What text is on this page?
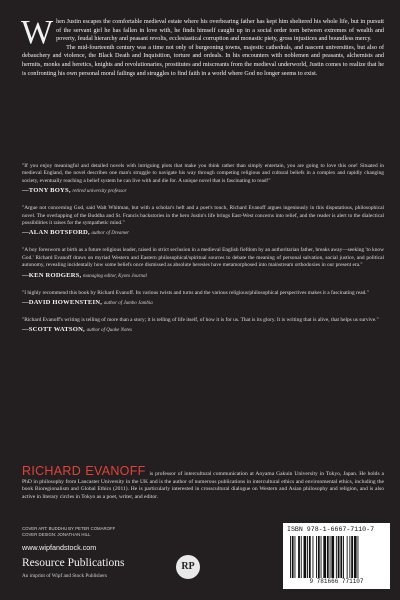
W hen Justin escapes the comfortable medieval estate where his overbearing father has kept him sheltered his whole life, but in pursuit of the servant girl he has fallen in love with, he finds himself caught up in a social order torn between extremes of wealth and poverty, feudal hierarchy and peasant revolts, ecclesiastical corruption and monastic piety, gross injustices and boundless mercy.

The mid-fourteenth century was a time not only of burgeoning towns, majestic cathedrals, and nascent universities, but also of debauchery and violence, the Black Death and Inquisition, torture and ordeals. In his encounters with noblemen and peasants, alchemists and hermits, monks and heretics, knights and revolutionaries, prostitutes and miscreants from the medieval underworld, Justin comes to realize that he is confronting his own personal moral failings and struggles to find faith in a world where God no longer seems to exist.

"If you enjoy meaningful and detailed novels with intriguing plots that make you think rather than simply entertain, you are going to love this one! Situated in medieval England, the novel describes one man's struggle to navigate his way through competing religious and cultural beliefs in a complex and rapidly changing society, eventually reaching a belief system he can live with and die for. A unique novel that is fascinating to read!"

—TONY BOYS, retired university professor

"Argue not concerning God, said Walt Whitman, but with a scholar's heft and a poet's touch, Richard Evanoff argues ingeniously in this disputatious, philosophical novel. The overlapping of the Buddha and St. Francis backstories in the hero Justin's life brings East-West concerns into relief, and the reader is alert to the dialectical possibilities it raises for the sympathetic mind."

—ALAN BOTSFORD, author of Dreamer

"A boy foresworn at birth as a future religious leader, raised in strict seclusion in a medieval English fiefdom by an authoritarian father, breaks away—seeking 'to know God.' Richard Evanoff draws on myriad Western and Eastern philosophical/spiritual sources to debate the meaning of personal salvation, social justice, and political autonomy, revealing incidentally how some beliefs once dismissed as absolute heresies have metamorphosed into mainstream orthodoxies in our present era."

—KEN RODGERS, managing editor, Kyoto Journal

"I highly recommend this book by Richard Evanoff. Its various twists and turns and the various religious/philosophical perspectives makes it a fascinating read."

—DAVID HOWENSTEIN, author of Jumbo Jambia

"Richard Evanoff's writing is telling of more than a story; it is telling of life itself, of how it is for us. That is its glory. It is writing that is alive, that helps us survive."

—SCOTT WATSON, author of Quake Notes

RICHARD EVANOFF is professor of intercultural communication at Aoyama Gakuin University in Tokyo, Japan. He holds a PhD in philosophy from Lancaster University in the UK and is the author of numerous publications in intercultural ethics and environmental ethics, including the book Bioregionalism and Global Ethics (2011). He is particularly interested in crosscultural dialogue on Western and Asian philosophy and religion, and is also active in literary circles in Tokyo as a poet, writer, and editor.
COVER ART: BUDDHU BY PETER COMAROFF
COVER DESIGN: JONATHAN HILL
www.wipfandstock.com
Resource Publications
An imprint of Wipf and Stock Publishers
RP
ISBN 978-1-6667-7110-7
9 781666 771107
